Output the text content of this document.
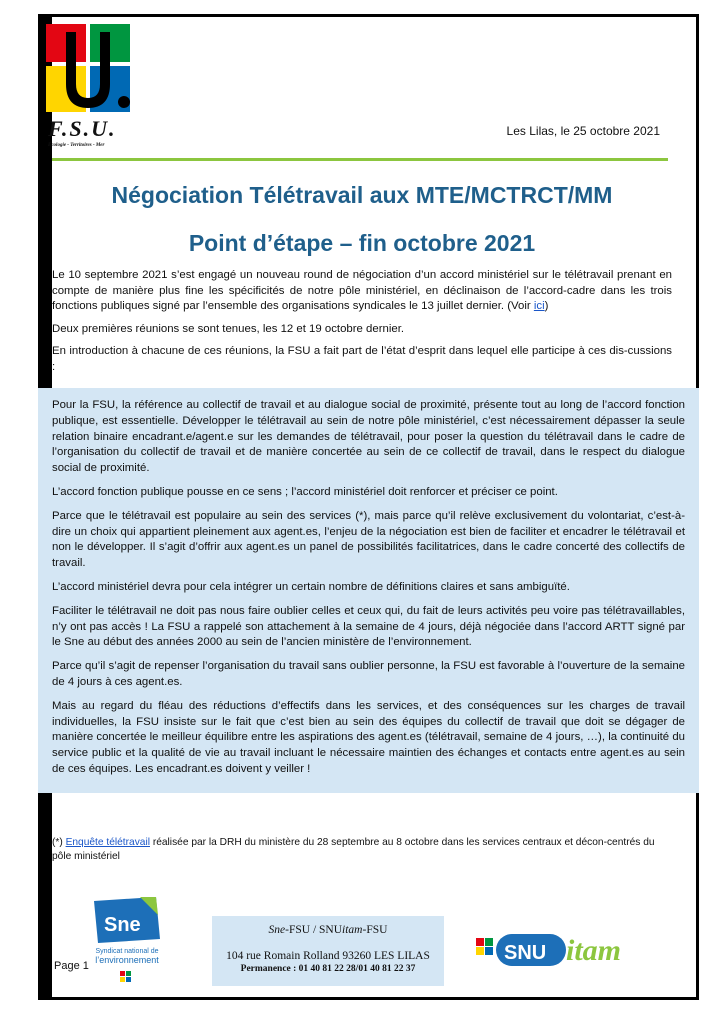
F.S.U.
Ecologie - Territoires - Mer
Les Lilas, le 25 octobre 2021
Négociation Télétravail aux MTE/MCTRCT/MM
Point d’étape – fin octobre 2021

Le 10 septembre 2021 s’est engagé un nouveau round de négociation d’un accord ministériel sur le télétravail prenant en compte de manière plus fine les spécificités de notre pôle ministériel, en déclinaison de l’accord-cadre dans les trois fonctions publiques signé par l’ensemble des organisations syndicales le 13 juillet dernier. (Voir ici)

Deux premières réunions se sont tenues, les 12 et 19 octobre dernier.

En introduction à chacune de ces réunions, la FSU a fait part de l’état d’esprit dans lequel elle participe à ces dis-cussions :

Pour la FSU, la référence au collectif de travail et au dialogue social de proximité, présente tout au long de l’accord fonction publique, est essentielle. Développer le télétravail au sein de notre pôle ministériel, c’est nécessairement dépasser la seule relation binaire encadrant.e/agent.e sur les demandes de télétravail, pour poser la question du télétravail dans le cadre de l’organisation du collectif de travail et de manière concertée au sein de ce collectif de travail, dans le respect du dialogue social de proximité.

L’accord fonction publique pousse en ce sens ; l’accord ministériel doit renforcer et préciser ce point.

Parce que le télétravail est populaire au sein des services (*), mais parce qu’il relève exclusivement du volontariat, c’est-à-dire un choix qui appartient pleinement aux agent.es, l’enjeu de la négociation est bien de faciliter et encadrer le télétravail et non le développer. Il s’agit d’offrir aux agent.es un panel de possibilités facilitatrices, dans le cadre concerté des collectifs de travail.

L’accord ministériel devra pour cela intégrer un certain nombre de définitions claires et sans ambiguïté.

Faciliter le télétravail ne doit pas nous faire oublier celles et ceux qui, du fait de leurs activités peu voire pas télétravaillables, n’y ont pas accès ! La FSU a rappelé son attachement à la semaine de 4 jours, déjà négociée dans l’accord ARTT signé par le Sne au début des années 2000 au sein de l’ancien ministère de l’environnement.

Parce qu’il s’agit de repenser l’organisation du travail sans oublier personne, la FSU est favorable à l’ouverture de la semaine de 4 jours à ces agent.es.

Mais au regard du fléau des réductions d’effectifs dans les services, et des conséquences sur les charges de travail individuelles, la FSU insiste sur le fait que c’est bien au sein des équipes du collectif de travail que doit se dégager de manière concertée le meilleur équilibre entre les aspirations des agent.es (télétravail, semaine de 4 jours, …), la continuité du service public et la qualité de vie au travail incluant le nécessaire maintien des échanges et contacts entre agent.es au sein de ces équipes. Les encadrant.es doivent y veiller !

(*) Enquête télétravail réalisée par la DRH du ministère du 28 septembre au 8 octobre dans les services centraux et décon-centrés du pôle ministériel
Sne
Syndicat national de
l’environnement
Page 1
Sne-FSU / SNUitam-FSU
104 rue Romain Rolland 93260 LES LILAS
Permanence : 01 40 81 22 28/01 40 81 22 37
SNU itam
